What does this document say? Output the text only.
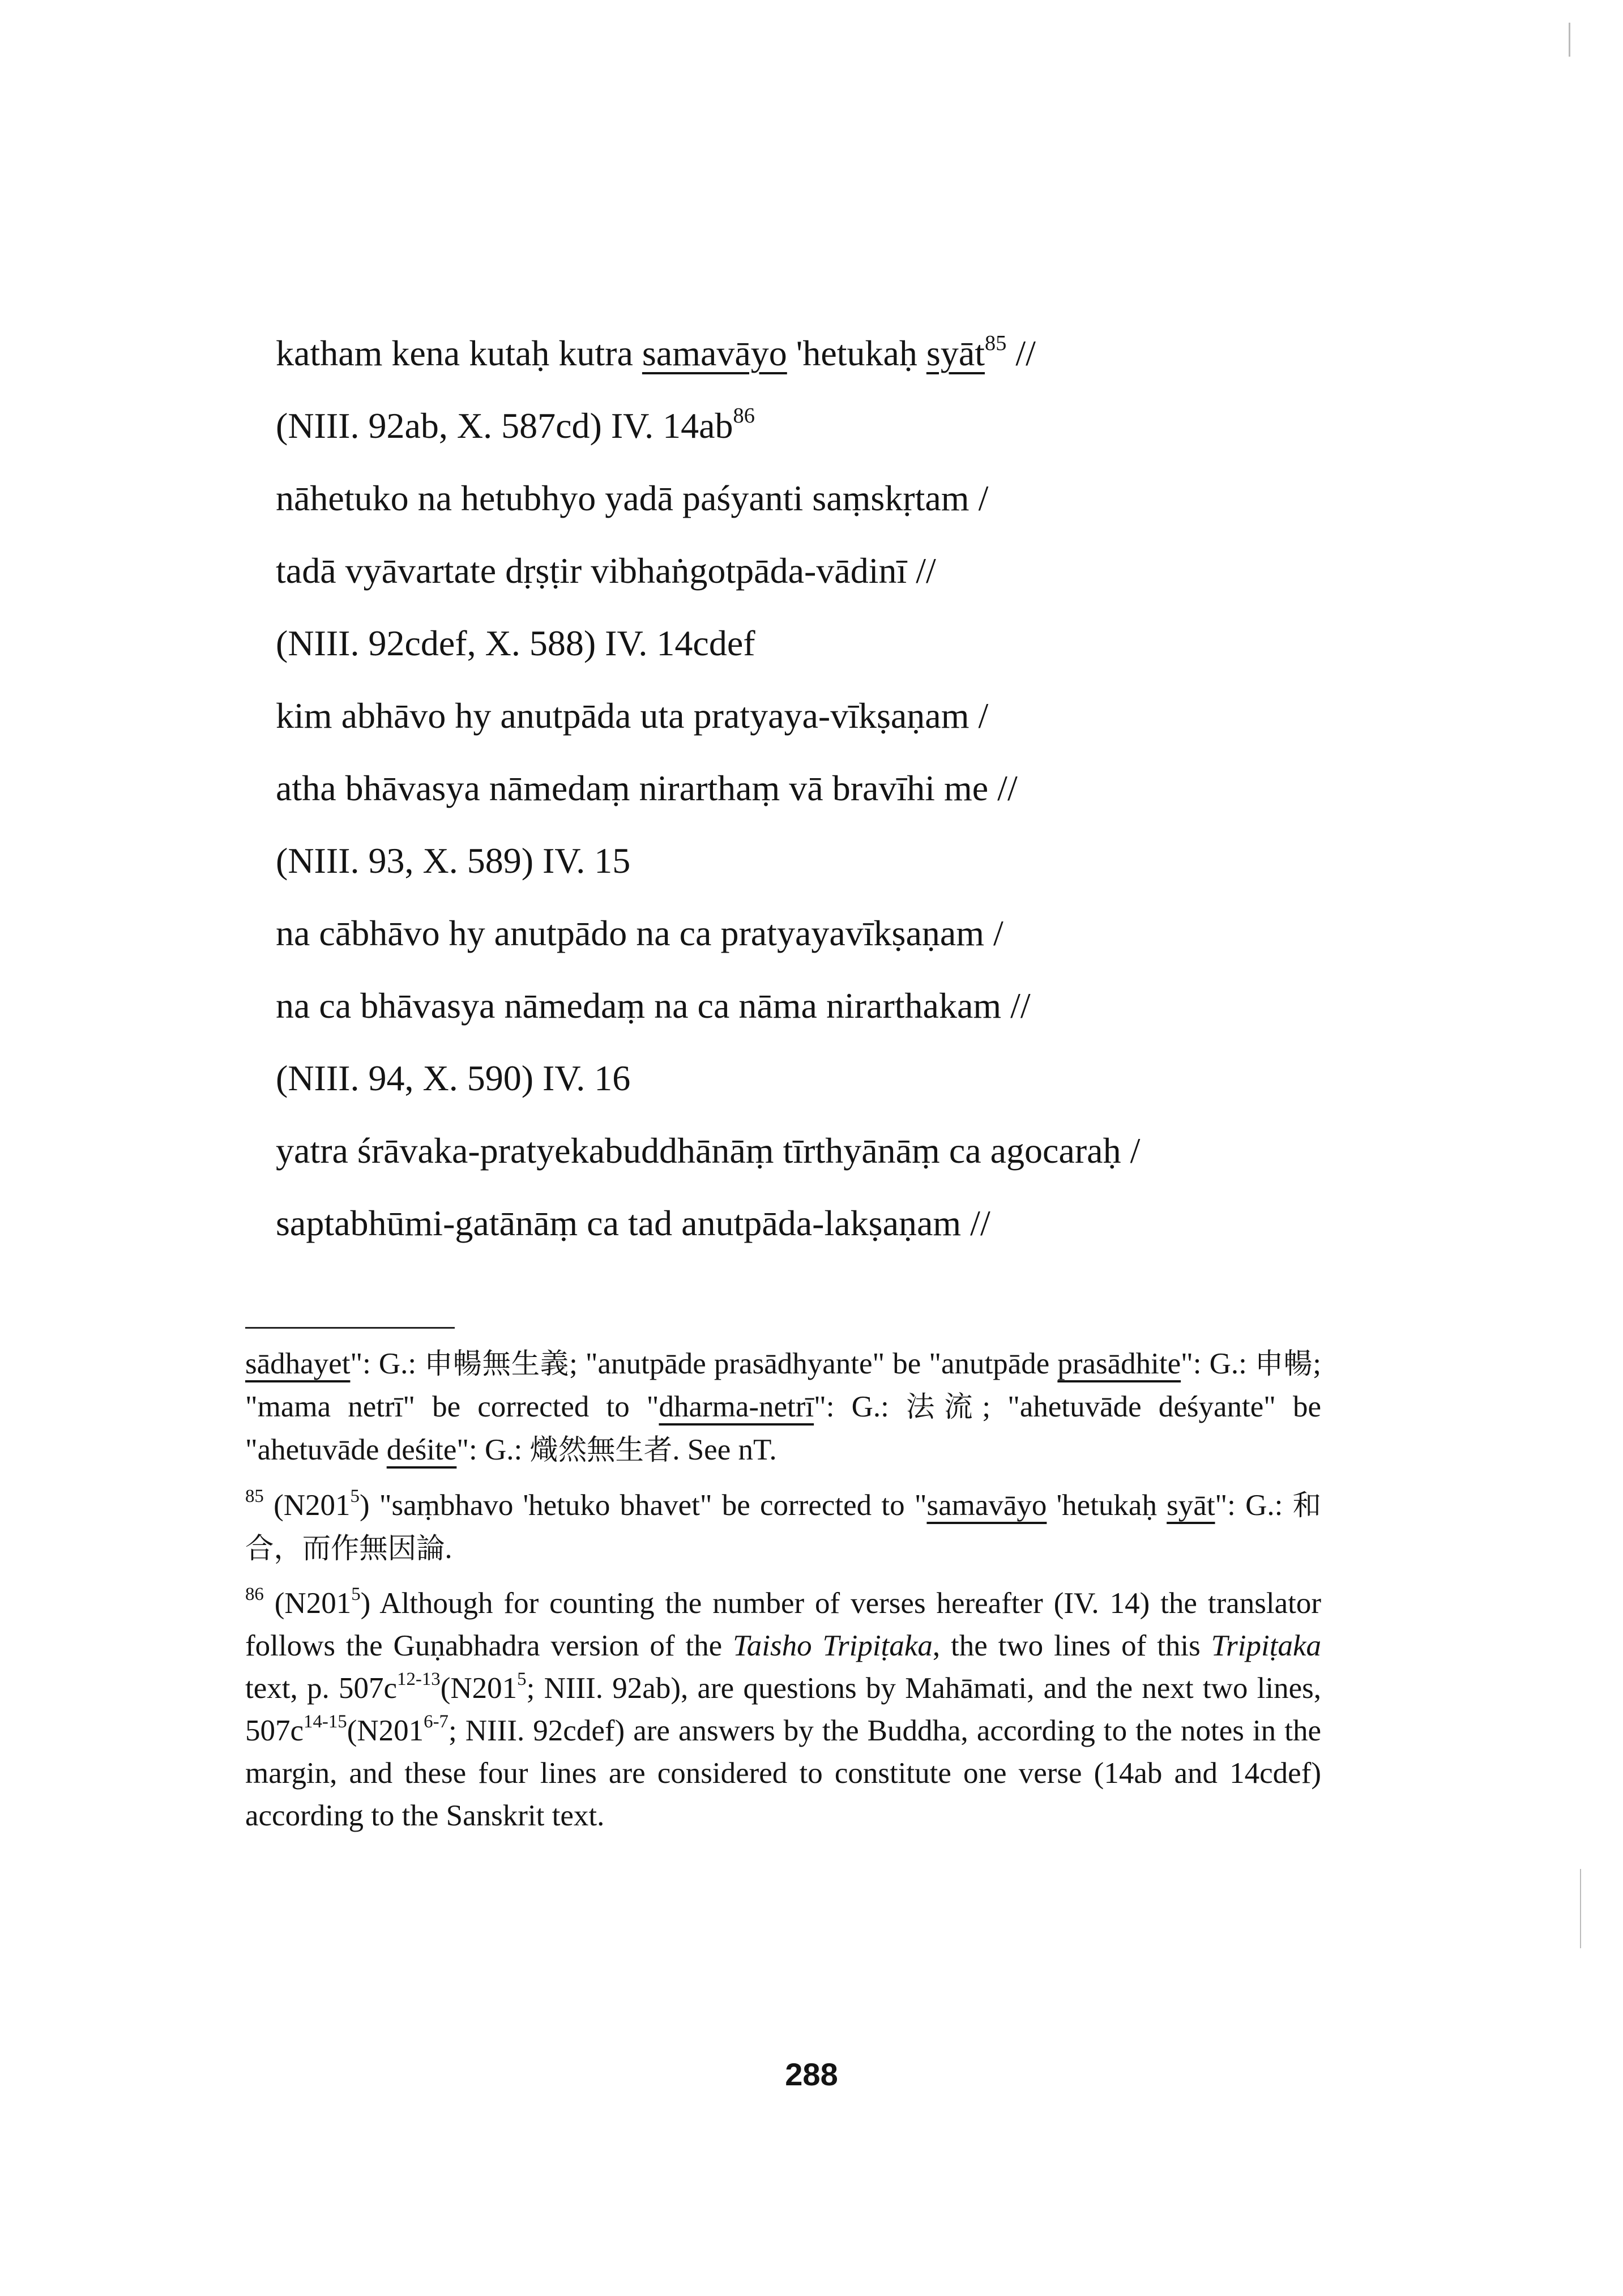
katham kena kutaḥ kutra samavāyo 'hetukaḥ syāt$^{85}$ //
(NIII. 92ab, X. 587cd) IV. $14ab^{86}$
nāhetuko na hetubhyo yadā paśyanti saṃskṛtam /
tadā vyāvartate dṛṣṭir vibhaṅgotpāda-vādinī //
(NIII. 92cdef, X. 588) IV. 14cdef
kim abhāvo hy anutpāda uta pratyaya-vīkṣaṇam /
atha bhāvasya nāmedaṃ nirarthaṃ vā bravīhi me //
(NIII. 93, X. 589) IV. 15
na cābhāvo hy anutpādo na ca pratyayavīkṣaṇam /
na ca bhāvasya nāmedaṃ na ca nāma nirarthakam //
(NIII. 94, X. 590) IV. 16
yatra śrāvaka-pratyekabuddhānāṃ tīrthyānāṃ ca agocaraḥ /
saptabhūmi-gatānāṃ ca tad anutpāda-lakṣaṇam //

sādhayet": G.: 申暢無生義; "anutpāde prasādhyante" be "anutpāde prasādhite": G.: 申暢; "mama netrī" be corrected to "dharma-netrī": G.: 法流; "ahetuvāde deśyante" be "ahetuvāde deśite": G.: 熾然無生者. See nT.

$^{85}$ $(N201^5)$ "saṃbhavo 'hetuko bhavet" be corrected to "samavāyo 'hetukaḥ syāt": G.: 和合，而作無因論.

$^{86}$ $(N201^5)$ Although for counting the number of verses hereafter (IV. 14) the translator follows the Guṇabhadra version of the Taisho Tripiṭaka, the two lines of this Tripiṭaka text, p. $507c^{12-13}(N201^5$; NIII. 92ab), are questions by Mahāmati, and the next two lines, $507c^{14-15}(N201^{6-7}$; NIII. 92cdef) are answers by the Buddha, according to the notes in the margin, and these four lines are considered to constitute one verse (14ab and 14cdef) according to the Sanskrit text.

288
